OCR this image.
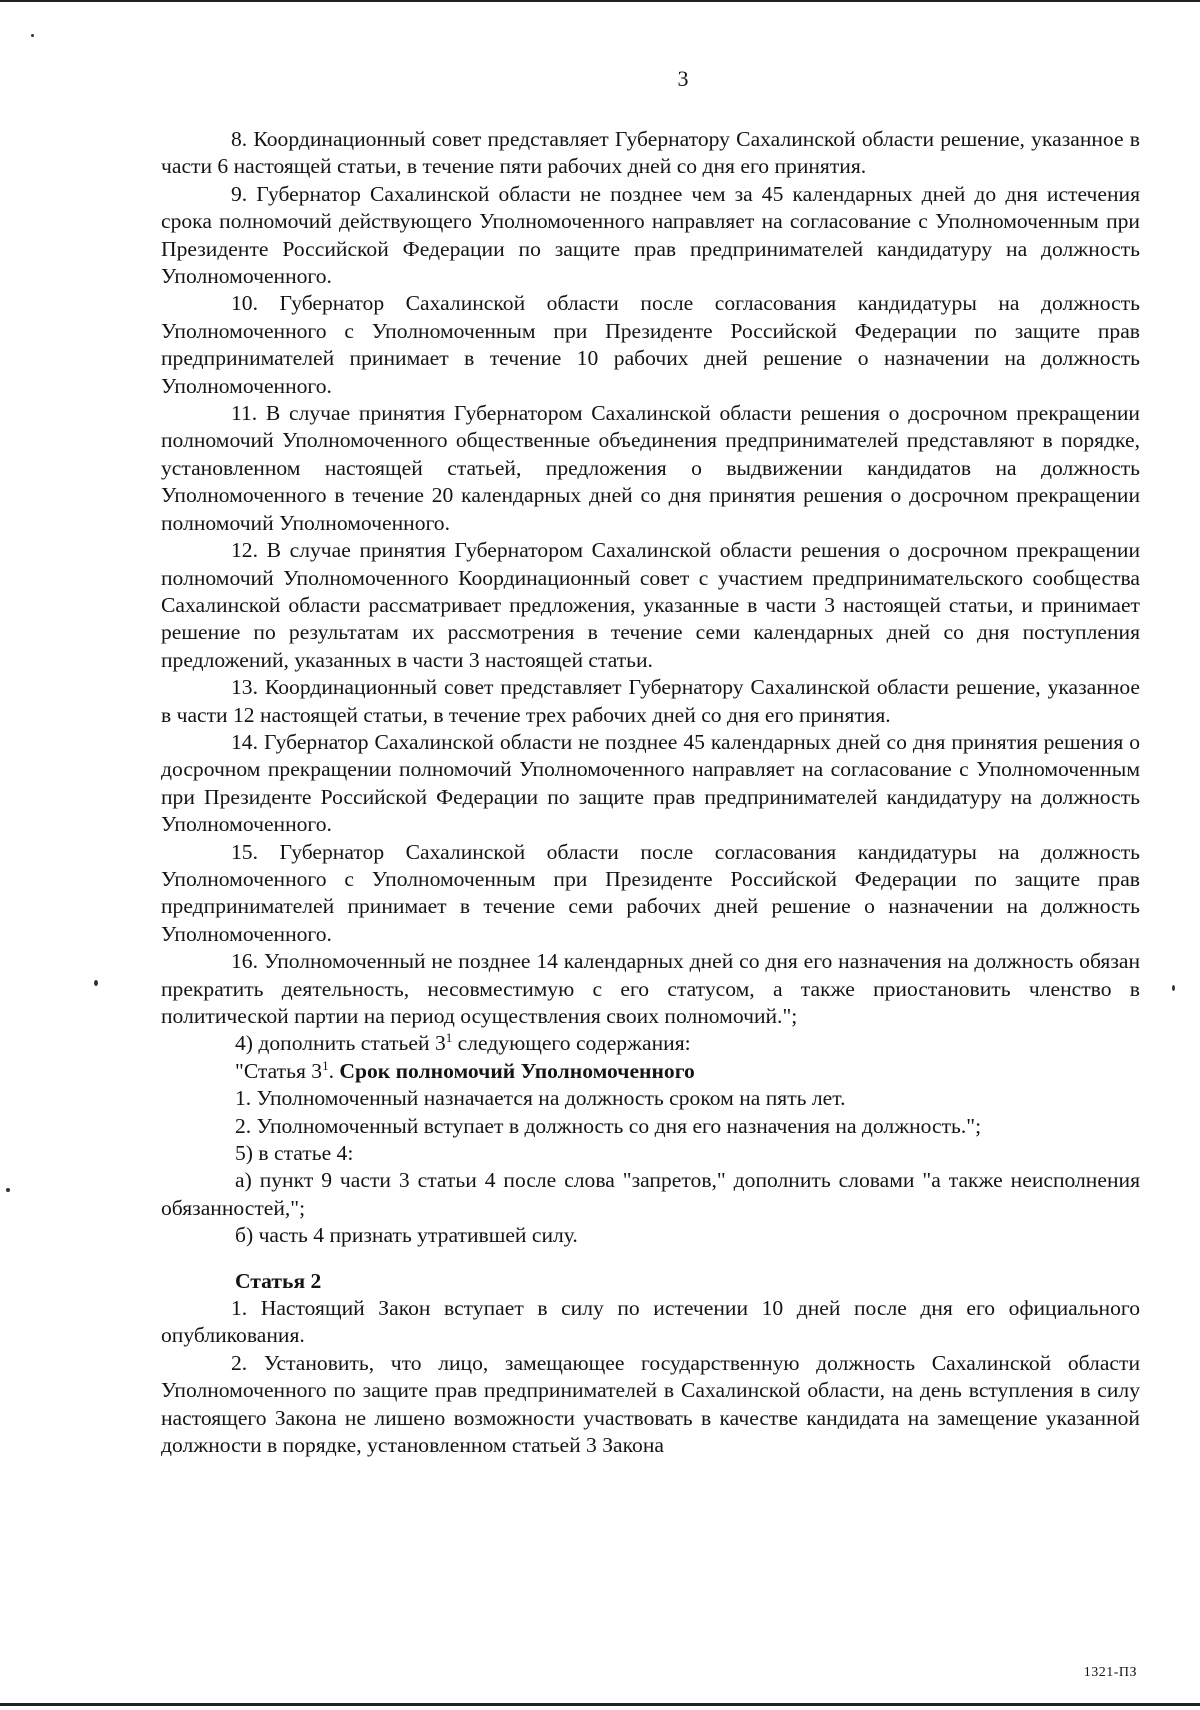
3

8. Координационный совет представляет Губернатору Сахалинской области решение, указанное в части 6 настоящей статьи, в течение пяти рабочих дней со дня его принятия.

9. Губернатор Сахалинской области не позднее чем за 45 календарных дней до дня истечения срока полномочий действующего Уполномоченного направляет на согласование с Уполномоченным при Президенте Российской Федерации по защите прав предпринимателей кандидатуру на должность Уполномоченного.

10. Губернатор Сахалинской области после согласования кандидатуры на должность Уполномоченного с Уполномоченным при Президенте Российской Федерации по защите прав предпринимателей принимает в течение 10 рабочих дней решение о назначении на должность Уполномоченного.

11. В случае принятия Губернатором Сахалинской области решения о досрочном прекращении полномочий Уполномоченного общественные объединения предпринимателей представляют в порядке, установленном настоящей статьей, предложения о выдвижении кандидатов на должность Уполномоченного в течение 20 календарных дней со дня принятия решения о досрочном прекращении полномочий Уполномоченного.

12. В случае принятия Губернатором Сахалинской области решения о досрочном прекращении полномочий Уполномоченного Координационный совет с участием предпринимательского сообщества Сахалинской области рассматривает предложения, указанные в части 3 настоящей статьи, и принимает решение по результатам их рассмотрения в течение семи календарных дней со дня поступления предложений, указанных в части 3 настоящей статьи.

13. Координационный совет представляет Губернатору Сахалинской области решение, указанное в части 12 настоящей статьи, в течение трех рабочих дней со дня его принятия.

14. Губернатор Сахалинской области не позднее 45 календарных дней со дня принятия решения о досрочном прекращении полномочий Уполномоченного направляет на согласование с Уполномоченным при Президенте Российской Федерации по защите прав предпринимателей кандидатуру на должность Уполномоченного.

15. Губернатор Сахалинской области после согласования кандидатуры на должность Уполномоченного с Уполномоченным при Президенте Российской Федерации по защите прав предпринимателей принимает в течение семи рабочих дней решение о назначении на должность Уполномоченного.

16. Уполномоченный не позднее 14 календарных дней со дня его назначения на должность обязан прекратить деятельность, несовместимую с его статусом, а также приостановить членство в политической партии на период осуществления своих полномочий.";

4) дополнить статьей $3^1$ следующего содержания:

"Статья $3^1$. Срок полномочий Уполномоченного

1. Уполномоченный назначается на должность сроком на пять лет.

2. Уполномоченный вступает в должность со дня его назначения на должность.";

5) в статье 4:

а) пункт 9 части 3 статьи 4 после слова "запретов," дополнить словами "а также неисполнения обязанностей,";

б) часть 4 признать утратившей силу.

Статья 2

1. Настоящий Закон вступает в силу по истечении 10 дней после дня его официального опубликования.

2. Установить, что лицо, замещающее государственную должность Сахалинской области Уполномоченного по защите прав предпринимателей в Сахалинской области, на день вступления в силу настоящего Закона не лишено возможности участвовать в качестве кандидата на замещение указанной должности в порядке, установленном статьей 3 Закона

1321-ПЗ
